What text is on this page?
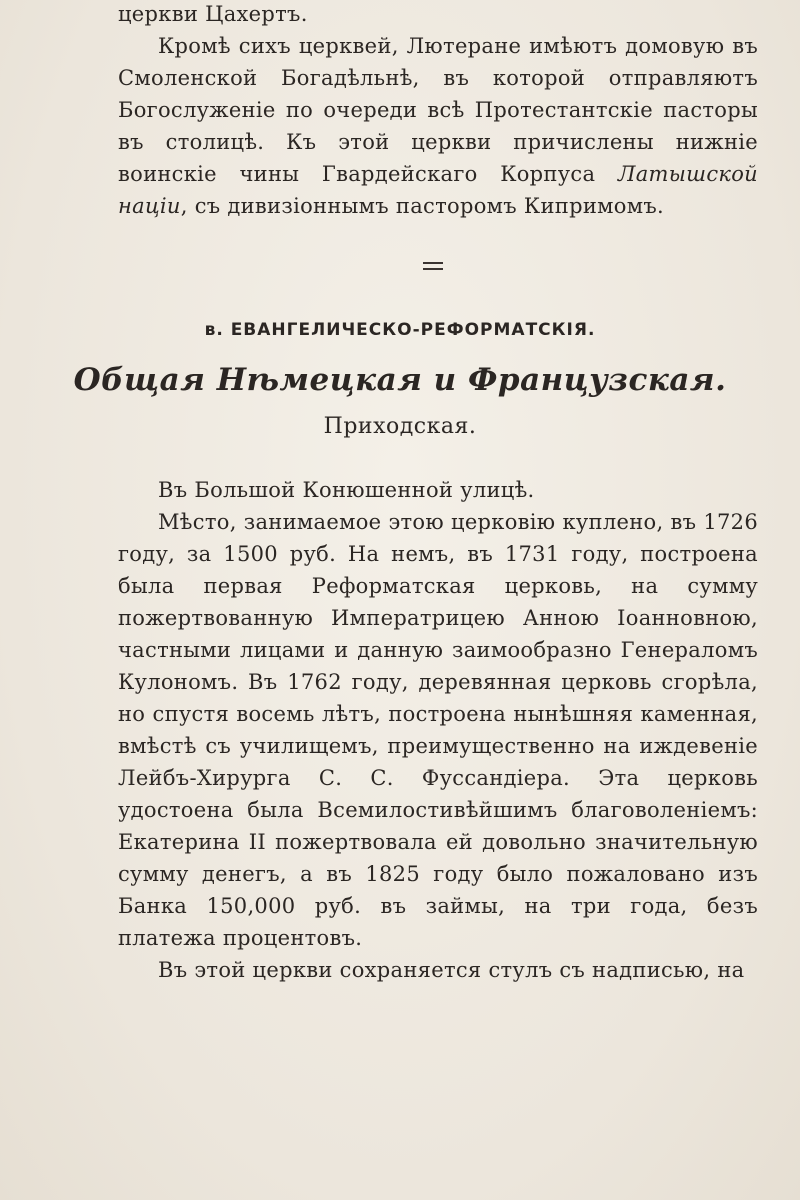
церкви Цахертъ.

Кромѣ сихъ церквей, Лютеране имѣютъ домовую въ Смоленской Богадѣльнѣ, въ которой отправляютъ Богослуженіе по очереди всѣ Протестантскіе пасторы въ столицѣ. Къ этой церкви причислены нижніе воинскіе чины Гвардейскаго Корпуса Латышской націи, съ дивизіоннымъ пасторомъ Кипримомъ.

в. ЕВАНГЕЛИЧЕСКО-РЕФОРМАТСКІЯ.
Общая Нѣмецкая и Французская.
Приходская.

Въ Большой Конюшенной улицѣ.

Мѣсто, занимаемое этою церковію куплено, въ 1726 году, за 1500 руб. На немъ, въ 1731 году, построена была первая Реформатская церковь, на сумму пожертвованную Императрицею Анною Іоанновною, частными лицами и данную заимообразно Генераломъ Кулономъ. Въ 1762 году, деревянная церковь сгорѣла, но спустя восемь лѣтъ, построена нынѣшняя каменная, вмѣстѣ съ училищемъ, преимущественно на иждевеніе Лейбъ-Хирурга С. С. Фуссандіера. Эта церковь удостоена была Всемилостивѣйшимъ благоволеніемъ: Екатерина II пожертвовала ей довольно значительную сумму денегъ, а въ 1825 году было пожаловано изъ Банка 150,000 руб. въ займы, на три года, безъ платежа процентовъ.

Въ этой церкви сохраняется стулъ съ надписью, на
